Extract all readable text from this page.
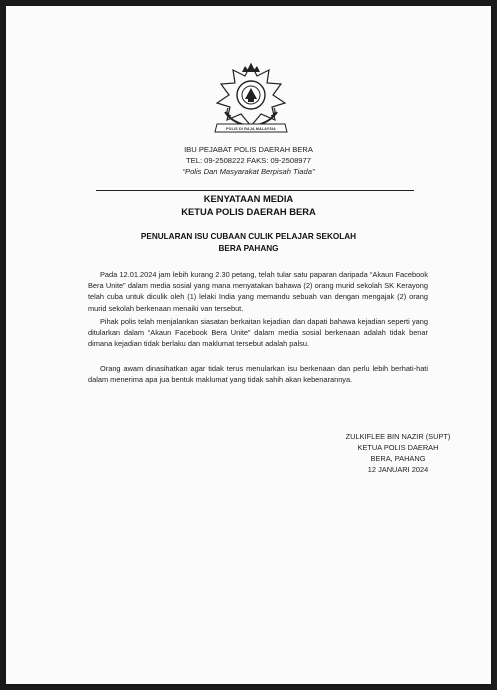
POLIS DI RAJA MALAYSIA
IBU PEJABAT POLIS DAERAH BERA
TEL: 09-2508222 FAKS: 09-2508977
“Polis Dan Masyarakat Berpisah Tiada”
KENYATAAN MEDIA
KETUA POLIS DAERAH BERA
PENULARAN ISU CUBAAN CULIK PELAJAR SEKOLAH
BERA PAHANG
Pada 12.01.2024 jam lebih kurang 2.30 petang, telah tular satu paparan daripada “Akaun Facebook Bera Unite” dalam media sosial yang mana menyatakan bahawa (2) orang murid sekolah SK Kerayong telah cuba untuk diculik oleh (1) lelaki India yang memandu sebuah van dengan mengajak (2) orang murid sekolah berkenaan menaiki van tersebut.
Pihak polis telah menjalankan siasatan berkaitan kejadian dan dapati bahawa kejadian seperti yang ditularkan dalam “Akaun Facebook Bera Unite” dalam media sosial berkenaan adalah tidak benar dimana kejadian tidak berlaku dan maklumat tersebut adalah palsu.
Orang awam dinasihatkan agar tidak terus menularkan isu berkenaan dan perlu lebih berhati-hati dalam menerima apa jua bentuk maklumat yang tidak sahih akan kebenarannya.
ZULKIFLEE BIN NAZIR (SUPT)
KETUA POLIS DAERAH
BERA, PAHANG
12 JANUARI 2024
